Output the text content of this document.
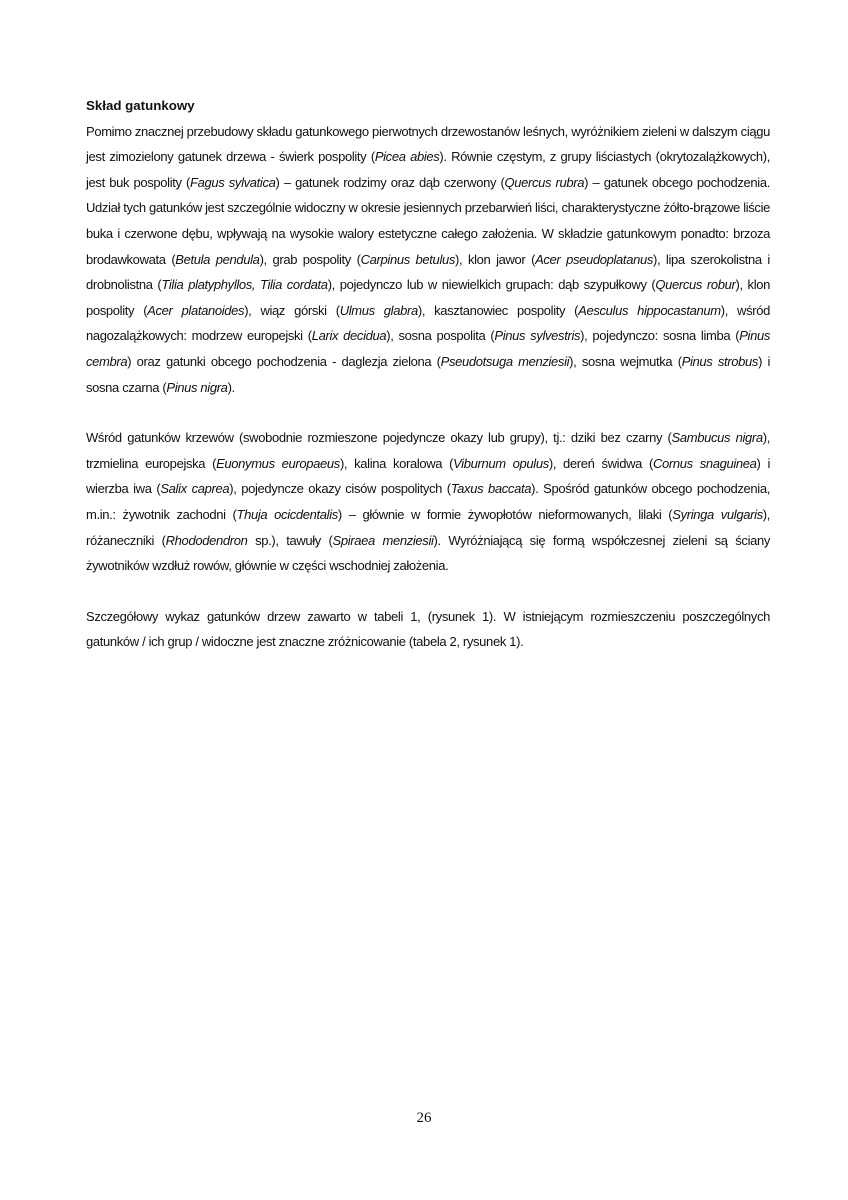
Skład gatunkowy

Pomimo znacznej przebudowy składu gatunkowego pierwotnych drzewostanów leśnych, wyróżnikiem zieleni w dalszym ciągu jest zimozielony gatunek drzewa - świerk pospolity (Picea abies). Równie częstym, z grupy liściastych (okrytozalążkowych), jest buk pospolity (Fagus sylvatica) – gatunek rodzimy oraz dąb czerwony (Quercus rubra) – gatunek obcego pochodzenia. Udział tych gatunków jest szczególnie widoczny w okresie jesiennych przebarwień liści, charakterystyczne żółto-brązowe liście buka i czerwone dębu, wpływają na wysokie walory estetyczne całego założenia. W składzie gatunkowym ponadto: brzoza brodawkowata (Betula pendula), grab pospolity (Carpinus betulus), klon jawor (Acer pseudoplatanus), lipa szerokolistna i drobnolistna (Tilia platyphyllos, Tilia cordata), pojedynczo lub w niewielkich grupach: dąb szypułkowy (Quercus robur), klon pospolity (Acer platanoides), wiąz górski (Ulmus glabra), kasztanowiec pospolity (Aesculus hippocastanum), wśród nagozalążkowych: modrzew europejski (Larix decidua), sosna pospolita (Pinus sylvestris), pojedynczo: sosna limba (Pinus cembra) oraz gatunki obcego pochodzenia - daglezja zielona (Pseudotsuga menziesii), sosna wejmutka (Pinus strobus) i sosna czarna (Pinus nigra).

Wśród gatunków krzewów (swobodnie rozmieszone pojedyncze okazy lub grupy), tj.: dziki bez czarny (Sambucus nigra), trzmielina europejska (Euonymus europaeus), kalina koralowa (Viburnum opulus), dereń świdwa (Cornus snaguinea) i wierzba iwa (Salix caprea), pojedyncze okazy cisów pospolitych (Taxus baccata). Spośród gatunków obcego pochodzenia, m.in.: żywotnik zachodni (Thuja ocicdentalis) – głównie w formie żywopłotów nieformowanych, lilaki (Syringa vulgaris), różaneczniki (Rhododendron sp.), tawuły (Spiraea menziesii). Wyróżniającą się formą współczesnej zieleni są ściany żywotników wzdłuż rowów, głównie w części wschodniej założenia.

Szczegółowy wykaz gatunków drzew zawarto w tabeli 1, (rysunek 1). W istniejącym rozmieszczeniu poszczególnych gatunków / ich grup / widoczne jest znaczne zróżnicowanie (tabela 2, rysunek 1).

26
